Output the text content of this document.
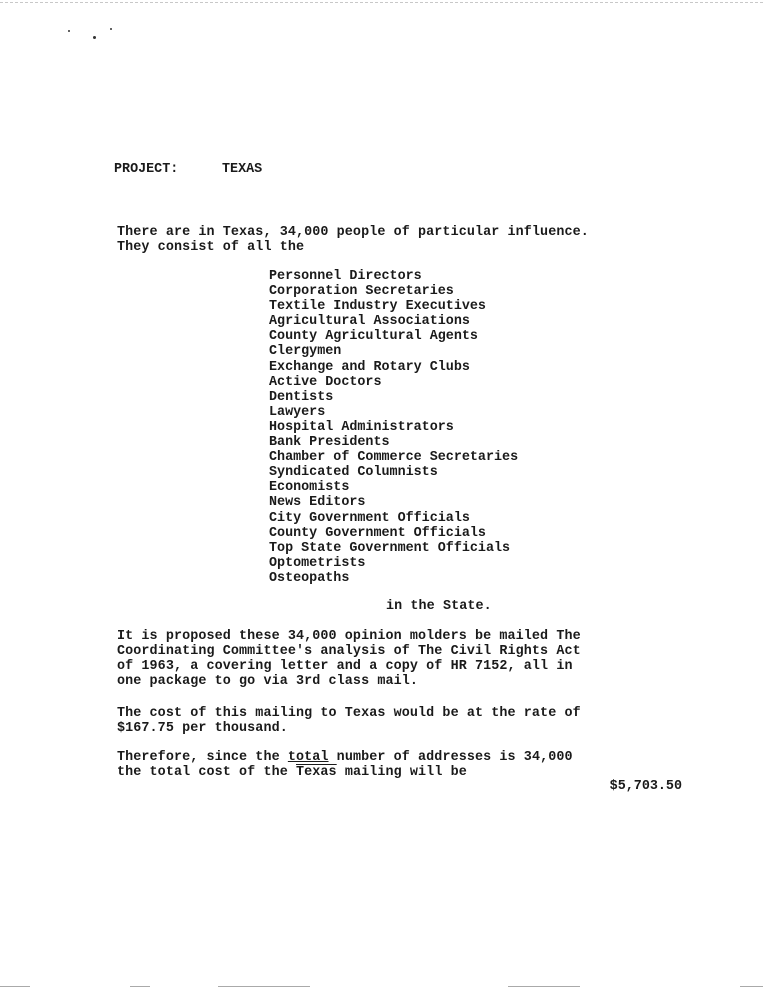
PROJECT:	TEXAS
There are in Texas, 34,000 people of particular influence.
They consist of all the
Personnel Directors
Corporation Secretaries
Textile Industry Executives
Agricultural Associations
County Agricultural Agents
Clergymen
Exchange and Rotary Clubs
Active Doctors
Dentists
Lawyers
Hospital Administrators
Bank Presidents
Chamber of Commerce Secretaries
Syndicated Columnists
Economists
News Editors
City Government Officials
County Government Officials
Top State Government Officials
Optometrists
Osteopaths
in the State.
It is proposed these 34,000 opinion molders be mailed The
Coordinating Committee's analysis of The Civil Rights Act
of 1963, a covering letter and a copy of HR 7152, all in
one package to go via 3rd class mail.
The cost of this mailing to Texas would be at the rate of
$167.75 per thousand.
Therefore, since the total number of addresses is 34,000
the total cost of the Texas mailing will be
$5,703.50
